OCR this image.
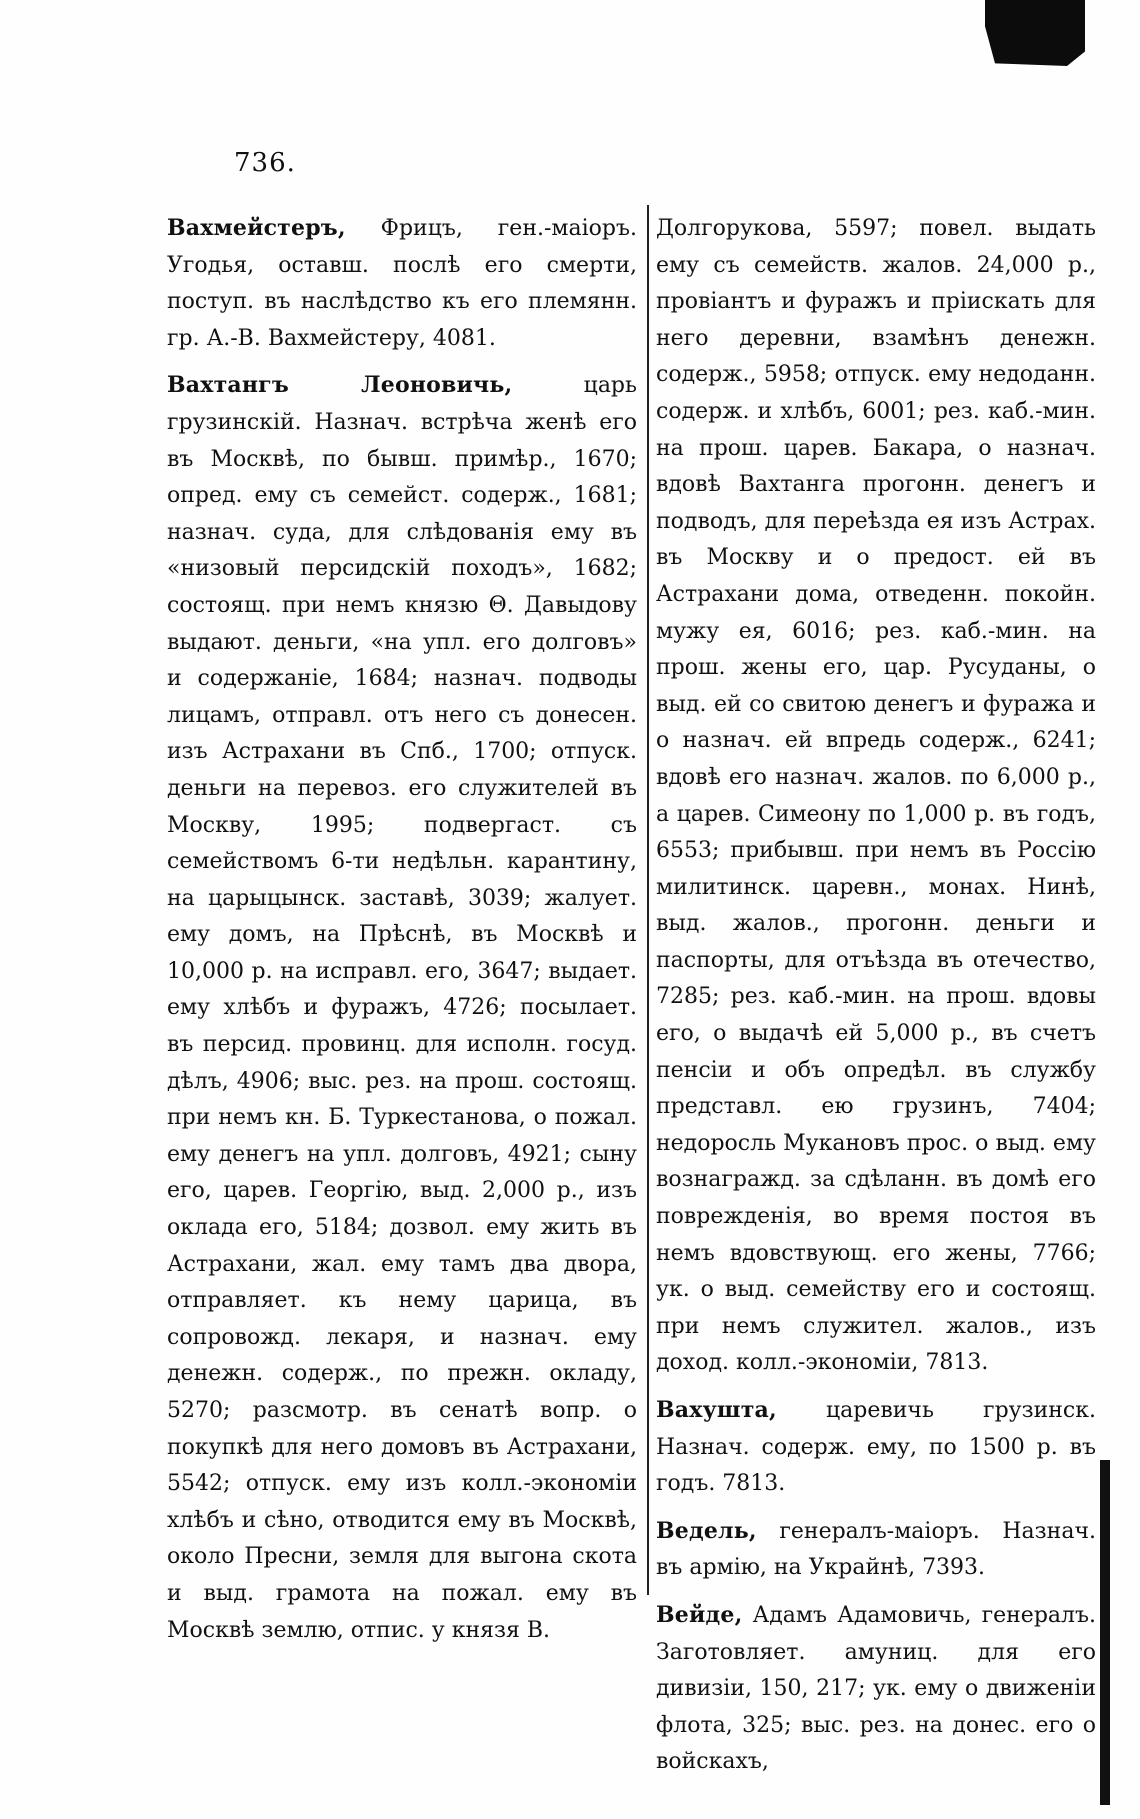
736.

Вахмейстеръ, Фрицъ, ген.-маіоръ. Угодья, оставш. послѣ его смерти, поступ. въ наслѣдство къ его племянн. гр. А.-В. Вахмейстеру, 4081.

Вахтангъ Леоновичь, царь грузинскій. Назнач. встрѣча женѣ его въ Москвѣ, по бывш. примѣр., 1670; опред. ему съ семейст. содерж., 1681; назнач. суда, для слѣдованія ему въ «низовый персидскій походъ», 1682; состоящ. при немъ князю Θ. Давыдову выдают. деньги, «на упл. его долговъ» и содержаніе, 1684; назнач. подводы лицамъ, отправл. отъ него съ донесен. изъ Астрахани въ Спб., 1700; отпуск. деньги на перевоз. его служителей въ Москву, 1995; подвергаст. съ семействомъ 6-ти недѣльн. карантину, на царыцынск. заставѣ, 3039; жалует. ему домъ, на Прѣснѣ, въ Москвѣ и 10,000 р. на исправл. его, 3647; выдает. ему хлѣбъ и фуражъ, 4726; посылает. въ персид. провинц. для исполн. госуд. дѣлъ, 4906; выс. рез. на прош. состоящ. при немъ кн. Б. Туркестанова, о пожал. ему денегъ на упл. долговъ, 4921; сыну его, царев. Георгію, выд. 2,000 р., изъ оклада его, 5184; дозвол. ему жить въ Астрахани, жал. ему тамъ два двора, отправляет. къ нему царица, въ сопровожд. лекаря, и назнач. ему денежн. содерж., по прежн. окладу, 5270; разсмотр. въ сенатѣ вопр. о покупкѣ для него домовъ въ Астрахани, 5542; отпуск. ему изъ колл.-экономіи хлѣбъ и сѣно, отводится ему въ Москвѣ, около Пресни, земля для выгона скота и выд. грамота на пожал. ему въ Москвѣ землю, отпис. у князя В.

Долгорукова, 5597; повел. выдать ему съ семейств. жалов. 24,000 р., провіантъ и фуражъ и пріискать для него деревни, взамѣнъ денежн. содерж., 5958; отпуск. ему недоданн. содерж. и хлѣбъ, 6001; рез. каб.-мин. на прош. царев. Бакара, о назнач. вдовѣ Вахтанга прогонн. денегъ и подводъ, для переѣзда ея изъ Астрах. въ Москву и о предост. ей въ Астрахани дома, отведенн. покойн. мужу ея, 6016; рез. каб.-мин. на прош. жены его, цар. Русуданы, о выд. ей со свитою денегъ и фуража и о назнач. ей впредь содерж., 6241; вдовѣ его назнач. жалов. по 6,000 р., а царев. Симеону по 1,000 р. въ годъ, 6553; прибывш. при немъ въ Россію милитинск. царевн., монах. Нинѣ, выд. жалов., прогонн. деньги и паспорты, для отъѣзда въ отечество, 7285; рез. каб.-мин. на прош. вдовы его, о выдачѣ ей 5,000 р., въ счетъ пенсіи и объ опредѣл. въ службу представл. ею грузинъ, 7404; недоросль Мукановъ прос. о выд. ему вознагражд. за сдѣланн. въ домѣ его поврежденія, во время постоя въ немъ вдовствующ. его жены, 7766; ук. о выд. семейству его и состоящ. при немъ служител. жалов., изъ доход. колл.-экономіи, 7813.

Вахушта, царевичь грузинск. Назнач. содерж. ему, по 1500 р. въ годъ. 7813.

Ведель, генералъ-маіоръ. Назнач. въ армію, на Украйнѣ, 7393.

Вейде, Адамъ Адамовичь, генералъ. Заготовляет. амуниц. для его дивизіи, 150, 217; ук. ему о движеніи флота, 325; выс. рез. на донес. его о войскахъ,
